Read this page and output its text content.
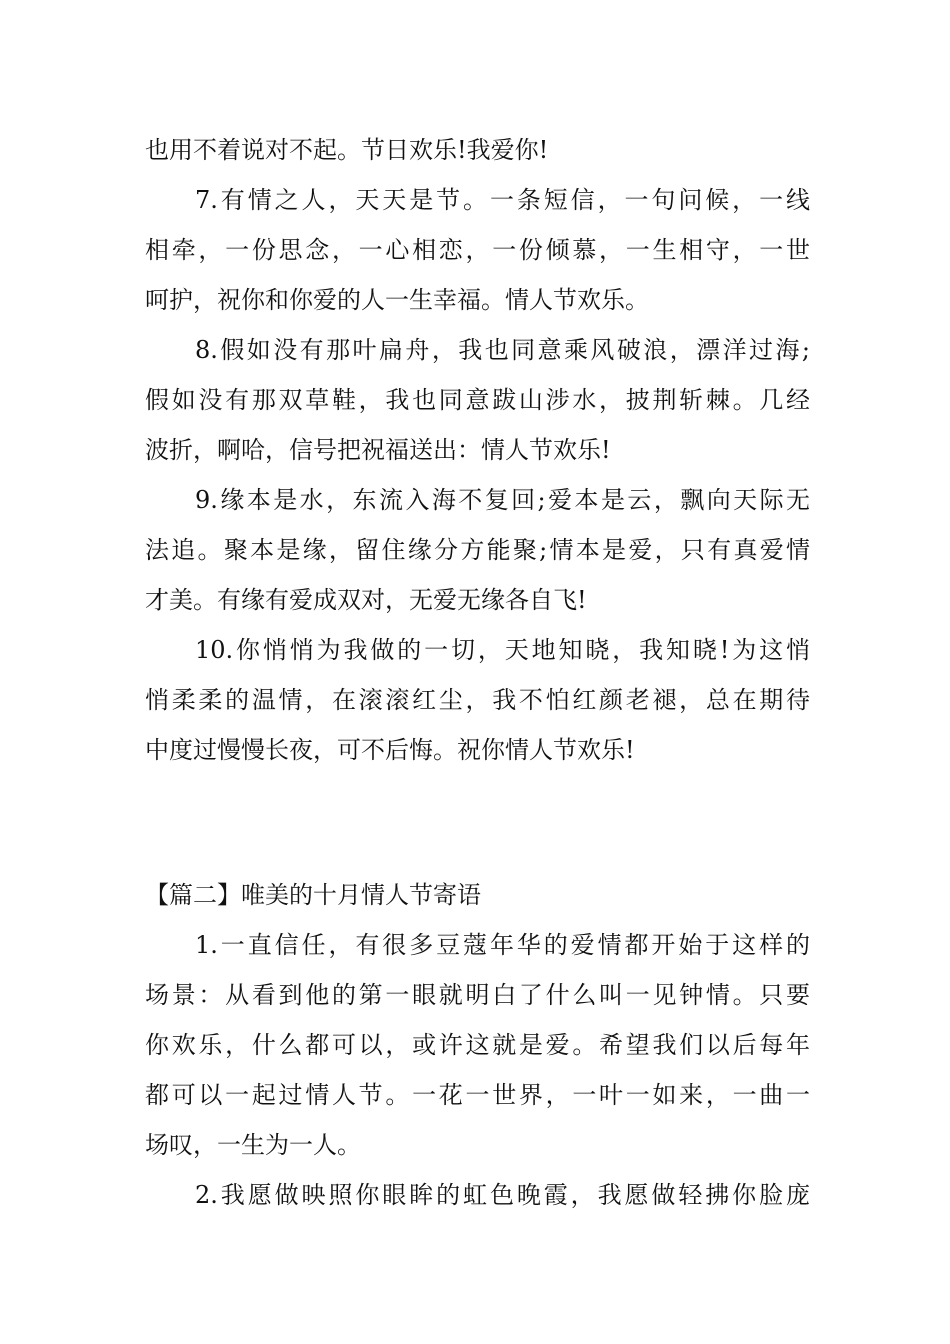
也用不着说对不起。节日欢乐!我爱你!
7.有情之人，天天是节。一条短信，一句问候，一线
相牵，一份思念，一心相恋，一份倾慕，一生相守，一世
呵护，祝你和你爱的人一生幸福。情人节欢乐。
8.假如没有那叶扁舟，我也同意乘风破浪，漂洋过海;
假如没有那双草鞋，我也同意跋山涉水，披荆斩棘。几经
波折，啊哈，信号把祝福送出：情人节欢乐!
9.缘本是水，东流入海不复回;爱本是云，飘向天际无
法追。聚本是缘，留住缘分方能聚;情本是爱，只有真爱情
才美。有缘有爱成双对，无爱无缘各自飞!
10.你悄悄为我做的一切，天地知晓，我知晓!为这悄
悄柔柔的温情，在滚滚红尘，我不怕红颜老褪，总在期待
中度过慢慢长夜，可不后悔。祝你情人节欢乐!
【篇二】唯美的十月情人节寄语
1.一直信任，有很多豆蔻年华的爱情都开始于这样的
场景：从看到他的第一眼就明白了什么叫一见钟情。只要
你欢乐，什么都可以，或许这就是爱。希望我们以后每年
都可以一起过情人节。一花一世界，一叶一如来，一曲一
场叹，一生为一人。
2.我愿做映照你眼眸的虹色晚霞，我愿做轻拂你脸庞
